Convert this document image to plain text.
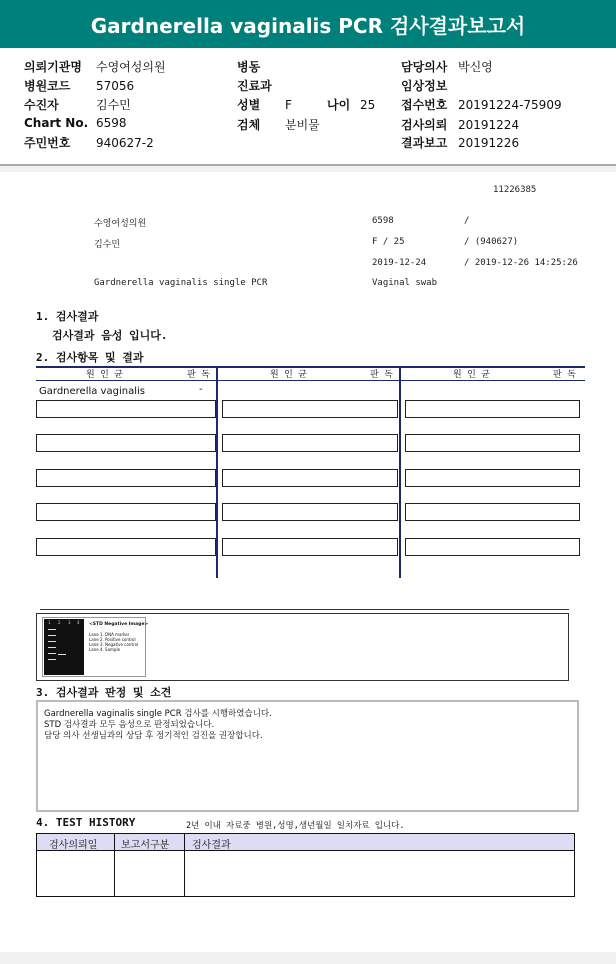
Gardnerella vaginalis PCR 검사결과보고서
의뢰기관명 수영여성의원
병원코드 57056
수진자	김수민
Chart No. 6598
주민번호 940627-2
병동
진료과
성별 F	나이 25
검체 분비물
담당의사 박신영
임상정보
접수번호 20191224-75909
검사의뢰 20191224
결과보고 20191226
11226385
수영여성의원	6598	/
김수민	F / 25	/ (940627)
2019-12-24	/ 2019-12-26 14:25:26
Gardnerella vaginalis single PCR	Vaginal swab
1. 검사결과
검사결과 음성 입니다.
2. 검사항목 및 결과
원 인 균	판 독	원 인 균	판 독	원 인 균	판 독
Gardnerella vaginalis	-
1 2 3 4 <STD Negative Image>
Lane 1. DNA marker
Lane 2. Positive control
Lane 3. Negative control
Lane 4. Sample
3. 검사결과 판정 및 소견
Gardnerella vaginalis single PCR 검사를 시행하였습니다.
STD 검사결과 모두 음성으로 판정되었습니다.
담당 의사 선생님과의 상담 후 정기적인 검진을 권장합니다.
4. TEST HISTORY	2년 이내 자료중 병원,성명,생년월일 일치자료 입니다.
검사의뢰일 보고서구분 검사결과
